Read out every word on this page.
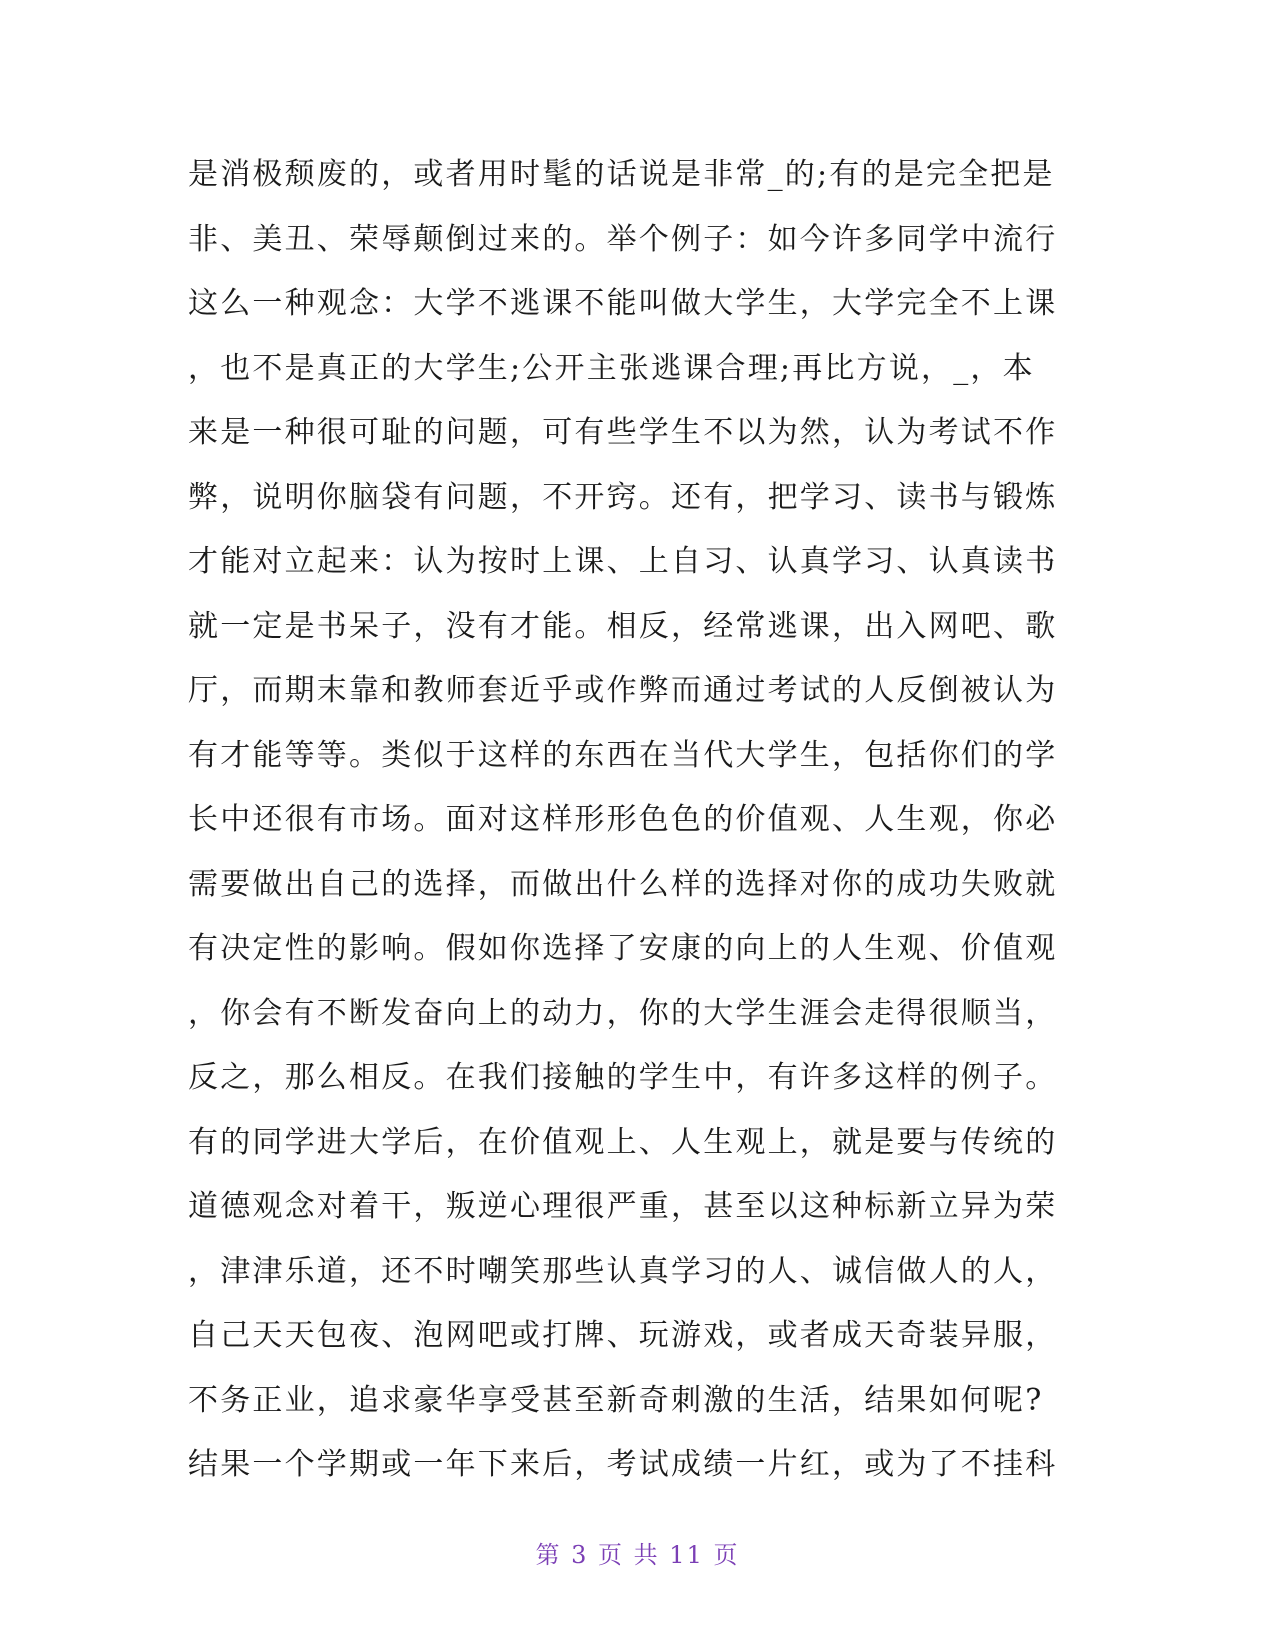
是消极颓废的，或者用时髦的话说是非常_的;有的是完全把是
非、美丑、荣辱颠倒过来的。举个例子：如今许多同学中流行
这么一种观念：大学不逃课不能叫做大学生，大学完全不上课
，也不是真正的大学生;公开主张逃课合理;再比方说，_，本
来是一种很可耻的问题，可有些学生不以为然，认为考试不作
弊，说明你脑袋有问题，不开窍。还有，把学习、读书与锻炼
才能对立起来：认为按时上课、上自习、认真学习、认真读书
就一定是书呆子，没有才能。相反，经常逃课，出入网吧、歌
厅，而期末靠和教师套近乎或作弊而通过考试的人反倒被认为
有才能等等。类似于这样的东西在当代大学生，包括你们的学
长中还很有市场。面对这样形形色色的价值观、人生观，你必
需要做出自己的选择，而做出什么样的选择对你的成功失败就
有决定性的影响。假如你选择了安康的向上的人生观、价值观
，你会有不断发奋向上的动力，你的大学生涯会走得很顺当，
反之，那么相反。在我们接触的学生中，有许多这样的例子。
有的同学进大学后，在价值观上、人生观上，就是要与传统的
道德观念对着干，叛逆心理很严重，甚至以这种标新立异为荣
，津津乐道，还不时嘲笑那些认真学习的人、诚信做人的人，
自己天天包夜、泡网吧或打牌、玩游戏，或者成天奇装异服，
不务正业，追求豪华享受甚至新奇刺激的生活，结果如何呢?
结果一个学期或一年下来后，考试成绩一片红，或为了不挂科
第 3 页 共 11 页
